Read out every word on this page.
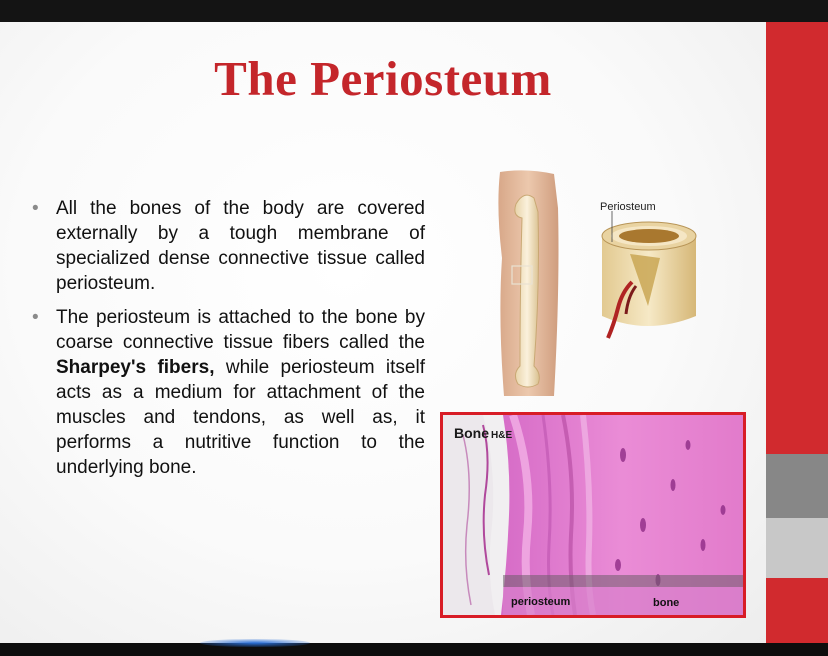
The Periosteum
• All the bones of the body are covered externally by a tough membrane of specialized dense connective tissue called periosteum.
• The periosteum is attached to the bone by coarse connective tissue fibers called the Sharpey's fibers, while periosteum itself acts as a medium for attachment of the muscles and tendons, as well as, it performs a nutritive function to the underlying bone.
Periosteum
Bone H&E
periosteum	bone
